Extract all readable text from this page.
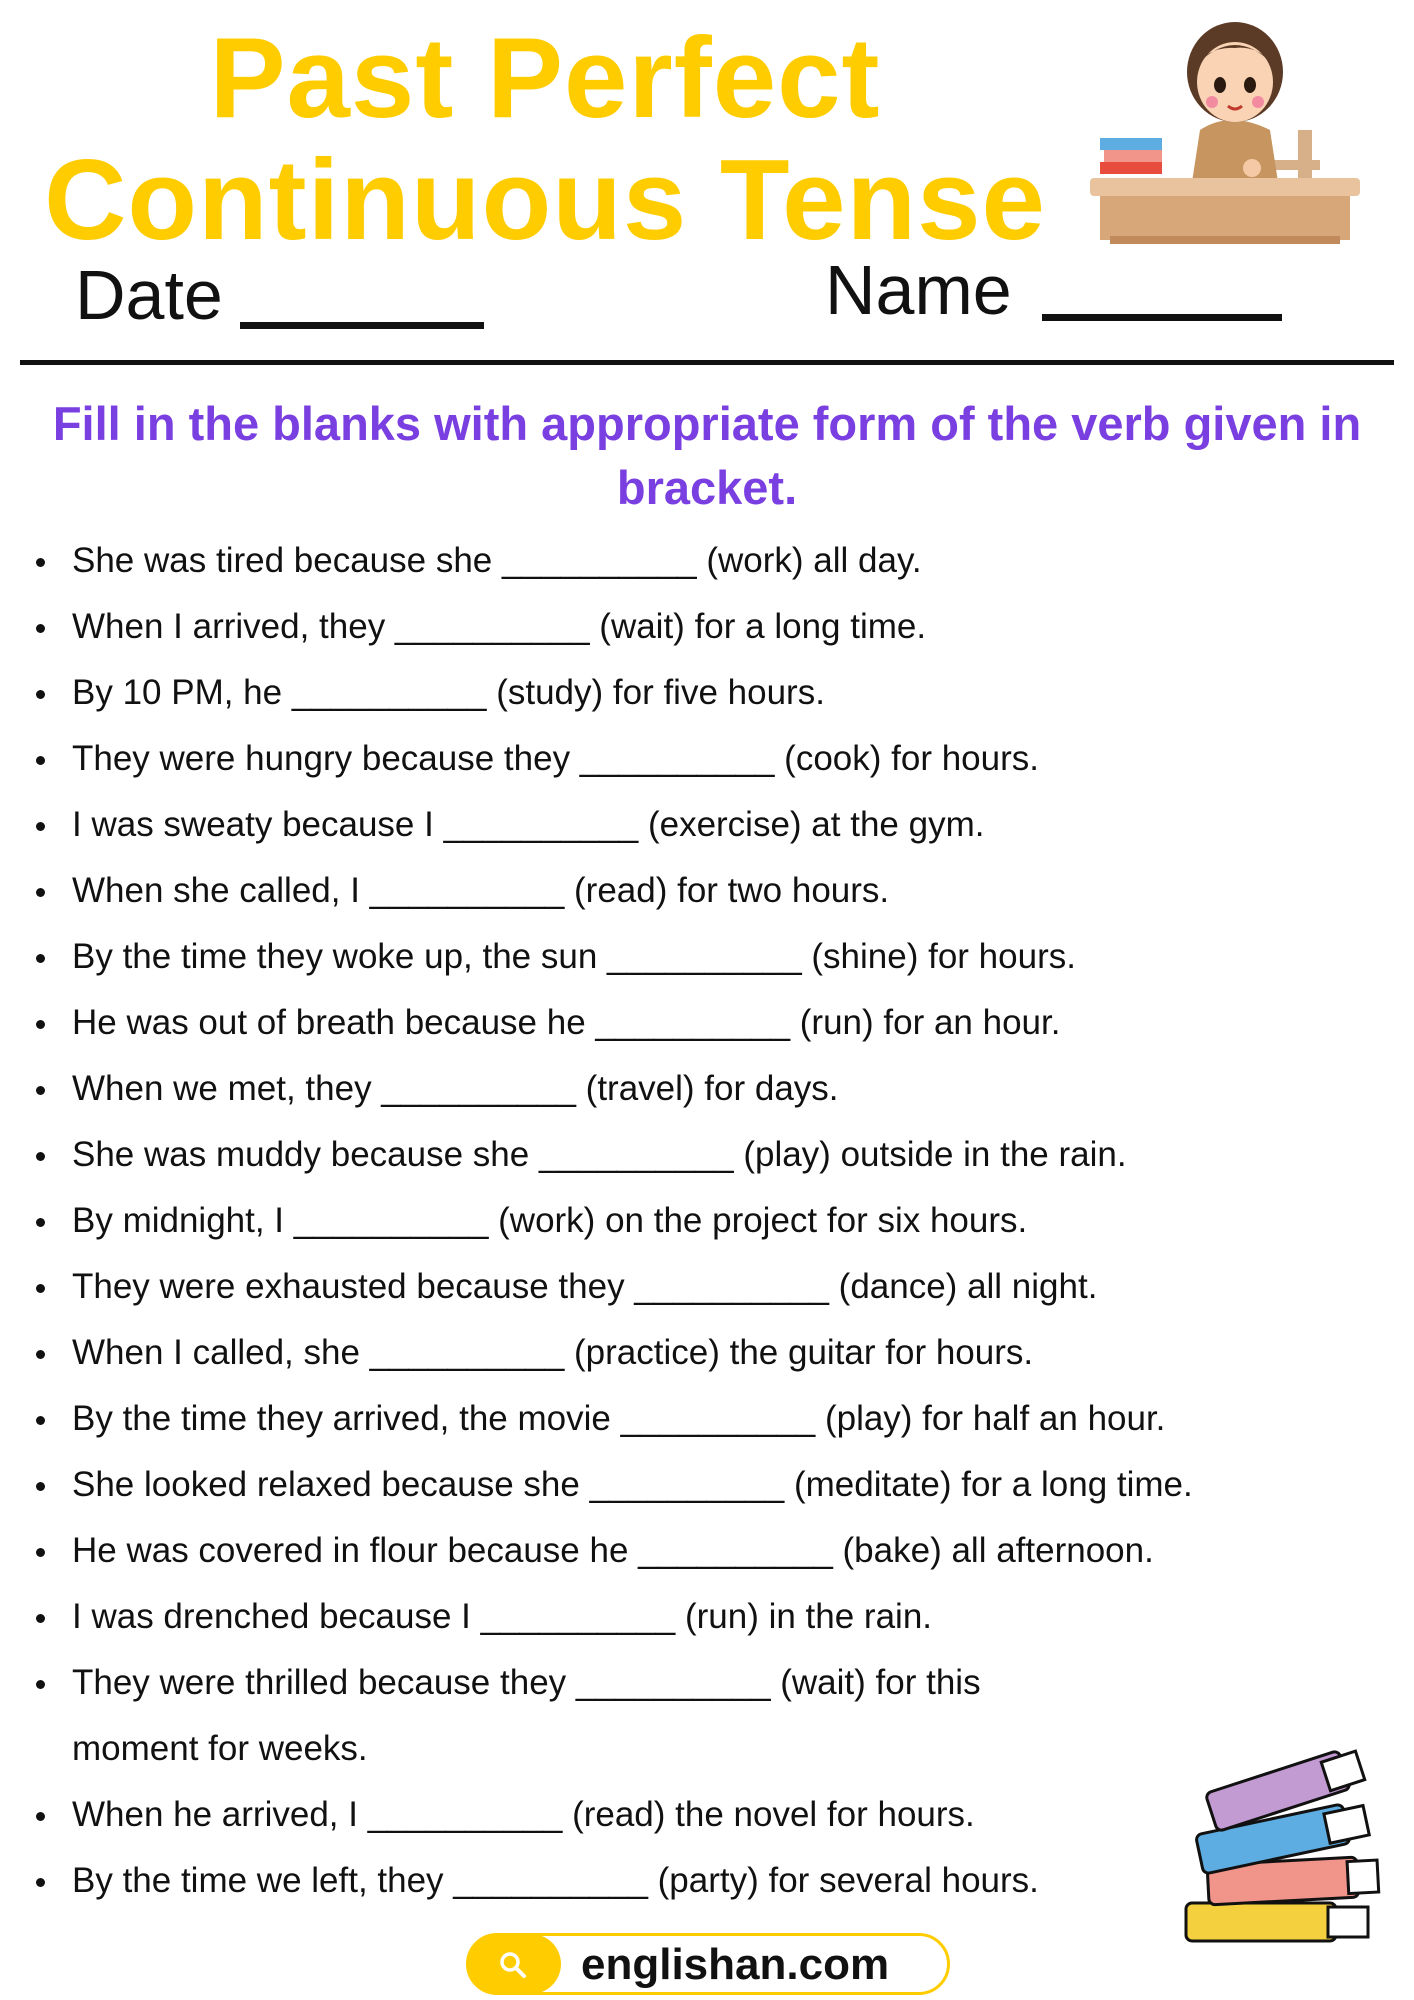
Past Perfect
Continuous Tense
Date	Name
Fill in the blanks with appropriate form of the verb given in bracket.
She was tired because she __________ (work) all day.
When I arrived, they __________ (wait) for a long time.
By 10 PM, he __________ (study) for five hours.
They were hungry because they __________ (cook) for hours.
I was sweaty because I __________ (exercise) at the gym.
When she called, I __________ (read) for two hours.
By the time they woke up, the sun __________ (shine) for hours.
He was out of breath because he __________ (run) for an hour.
When we met, they __________ (travel) for days.
She was muddy because she __________ (play) outside in the rain.
By midnight, I __________ (work) on the project for six hours.
They were exhausted because they __________ (dance) all night.
When I called, she __________ (practice) the guitar for hours.
By the time they arrived, the movie __________ (play) for half an hour.
She looked relaxed because she __________ (meditate) for a long time.
He was covered in flour because he __________ (bake) all afternoon.
I was drenched because I __________ (run) in the rain.
They were thrilled because they __________ (wait) for this moment for weeks.
When he arrived, I __________ (read) the novel for hours.
By the time we left, they __________ (party) for several hours.
englishan.com
